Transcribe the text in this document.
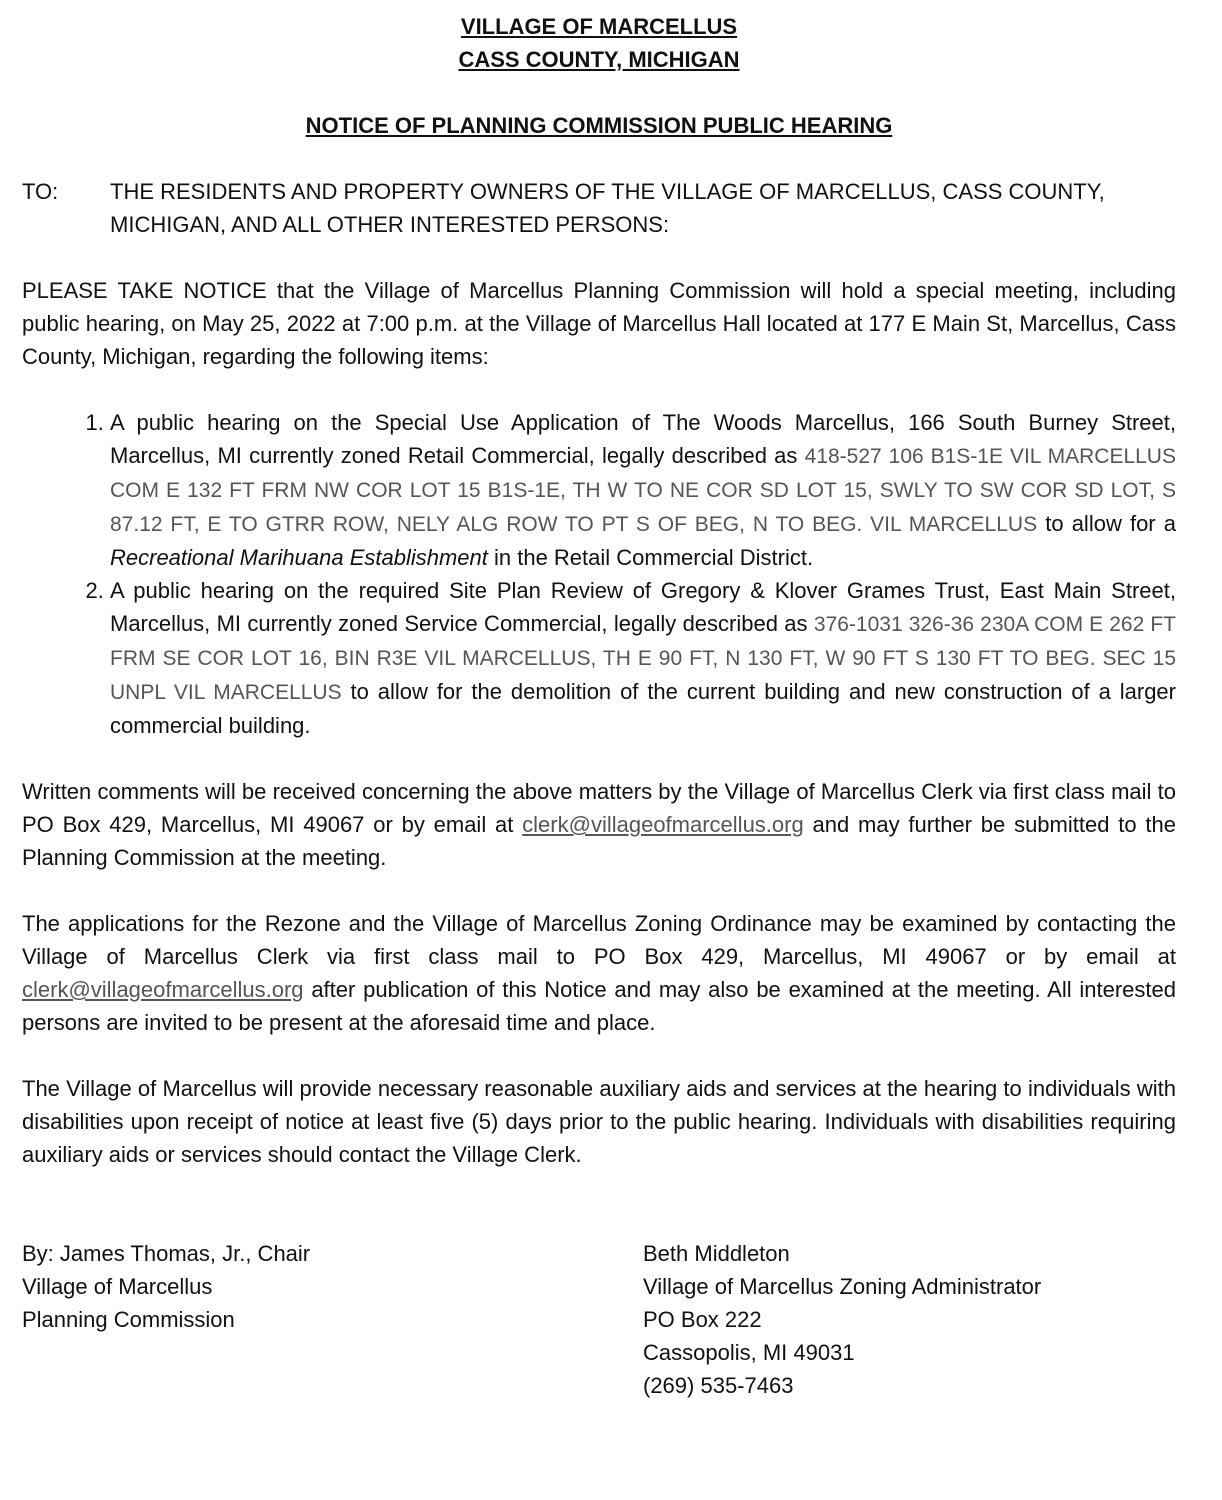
VILLAGE OF MARCELLUS
CASS COUNTY, MICHIGAN
NOTICE OF PLANNING COMMISSION PUBLIC HEARING
TO:	THE RESIDENTS AND PROPERTY OWNERS OF THE VILLAGE OF MARCELLUS, CASS COUNTY, MICHIGAN, AND ALL OTHER INTERESTED PERSONS:

PLEASE TAKE NOTICE that the Village of Marcellus Planning Commission will hold a special meeting, including public hearing, on May 25, 2022 at 7:00 p.m. at the Village of Marcellus Hall located at 177 E Main St, Marcellus, Cass County, Michigan, regarding the following items:

1. A public hearing on the Special Use Application of The Woods Marcellus, 166 South Burney Street, Marcellus, MI currently zoned Retail Commercial, legally described as 418-527 106 B1S-1E VIL MARCELLUS COM E 132 FT FRM NW COR LOT 15 B1S-1E, TH W TO NE COR SD LOT 15, SWLY TO SW COR SD LOT, S 87.12 FT, E TO GTRR ROW, NELY ALG ROW TO PT S OF BEG, N TO BEG. VIL MARCELLUS to allow for a Recreational Marihuana Establishment in the Retail Commercial District.
2. A public hearing on the required Site Plan Review of Gregory & Klover Grames Trust, East Main Street, Marcellus, MI currently zoned Service Commercial, legally described as 376-1031 326-36 230A COM E 262 FT FRM SE COR LOT 16, BIN R3E VIL MARCELLUS, TH E 90 FT, N 130 FT, W 90 FT S 130 FT TO BEG. SEC 15 UNPL VIL MARCELLUS to allow for the demolition of the current building and new construction of a larger commercial building.

Written comments will be received concerning the above matters by the Village of Marcellus Clerk via first class mail to PO Box 429, Marcellus, MI 49067 or by email at clerk@villageofmarcellus.org and may further be submitted to the Planning Commission at the meeting.

The applications for the Rezone and the Village of Marcellus Zoning Ordinance may be examined by contacting the Village of Marcellus Clerk via first class mail to PO Box 429, Marcellus, MI 49067 or by email at clerk@villageofmarcellus.org after publication of this Notice and may also be examined at the meeting. All interested persons are invited to be present at the aforesaid time and place.

The Village of Marcellus will provide necessary reasonable auxiliary aids and services at the hearing to individuals with disabilities upon receipt of notice at least five (5) days prior to the public hearing. Individuals with disabilities requiring auxiliary aids or services should contact the Village Clerk.

By: James Thomas, Jr., Chair
Village of Marcellus
Planning Commission
Beth Middleton
Village of Marcellus Zoning Administrator
PO Box 222
Cassopolis, MI 49031
(269) 535-7463
